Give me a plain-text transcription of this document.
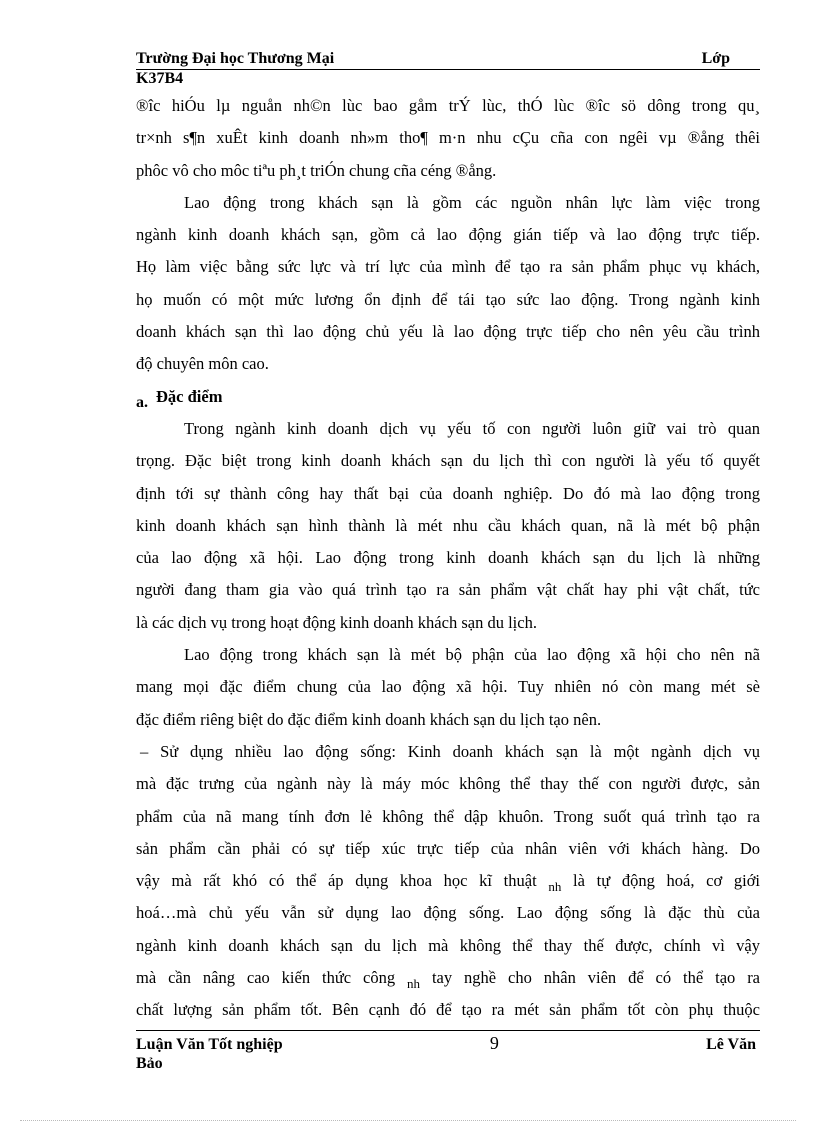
Trường Đại học Thương Mại	Lớp
K37B4
®îc hiÓu lµ nguån nh©n lùc bao gåm trÝ lùc, thÓ lùc ®îc sö dông trong qu¸
tr×nh s¶n xuÊt kinh doanh nh»m tho¶ m·n nhu cÇu cña con ngêi vµ ®ång thêi
phôc vô cho môc tiªu ph¸t triÓn chung cña céng ®ång.
Lao động trong khách sạn là gồm các nguồn nhân lực làm việc trong
ngành kinh doanh khách sạn, gồm cả lao động gián tiếp và lao động trực tiếp.
Họ làm việc bằng sức lực và trí lực của mình để tạo ra sản phẩm phục vụ khách,
họ muốn có một mức lương ổn định để tái tạo sức lao động. Trong ngành kinh
doanh khách sạn thì lao động chủ yếu là lao động trực tiếp cho nên yêu cầu trình
độ chuyên môn cao.
a. Đặc điểm
Trong ngành kinh doanh dịch vụ yếu tố con người luôn giữ vai trò quan
trọng. Đặc biệt trong kinh doanh khách sạn du lịch thì con người là yếu tố quyết
định tới sự thành công hay thất bại của doanh nghiệp. Do đó mà lao động trong
kinh doanh khách sạn hình thành là mét nhu cầu khách quan, nã là mét bộ phận
của lao động xã hội. Lao động trong kinh doanh khách sạn du lịch là những
người đang tham gia vào quá trình tạo ra sản phẩm vật chất hay phi vật chất, tức
là các dịch vụ trong hoạt động kinh doanh khách sạn du lịch.
Lao động trong khách sạn là mét bộ phận của lao động xã hội cho nên nã
mang mọi đặc điểm chung của lao động xã hội. Tuy nhiên nó còn mang mét sè
đặc điểm riêng biệt do đặc điểm kinh doanh khách sạn du lịch tạo nên.
– Sử dụng nhiều lao động sống: Kinh doanh khách sạn là một ngành dịch vụ
mà đặc trưng của ngành này là máy móc không thể thay thế con người được, sản
phẩm của nã mang tính đơn lẻ không thể dập khuôn. Trong suốt quá trình tạo ra
sản phẩm cần phải có sự tiếp xúc trực tiếp của nhân viên với khách hàng. Do
vậy mà rất khó có thể áp dụng khoa học kĩ thuật $_{nh}$ là tự động hoá, cơ giới
hoá…mà chủ yếu vẫn sử dụng lao động sống. Lao động sống là đặc thù của
ngành kinh doanh khách sạn du lịch mà không thể thay thế được, chính vì vậy
mà cần nâng cao kiến thức công $_{nh}$ tay nghề cho nhân viên để có thể tạo ra
chất lượng sản phẩm tốt. Bên cạnh đó để tạo ra mét sản phẩm tốt còn phụ thuộc
Luận Văn Tốt nghiệp	9	Lê Văn
Bảo
